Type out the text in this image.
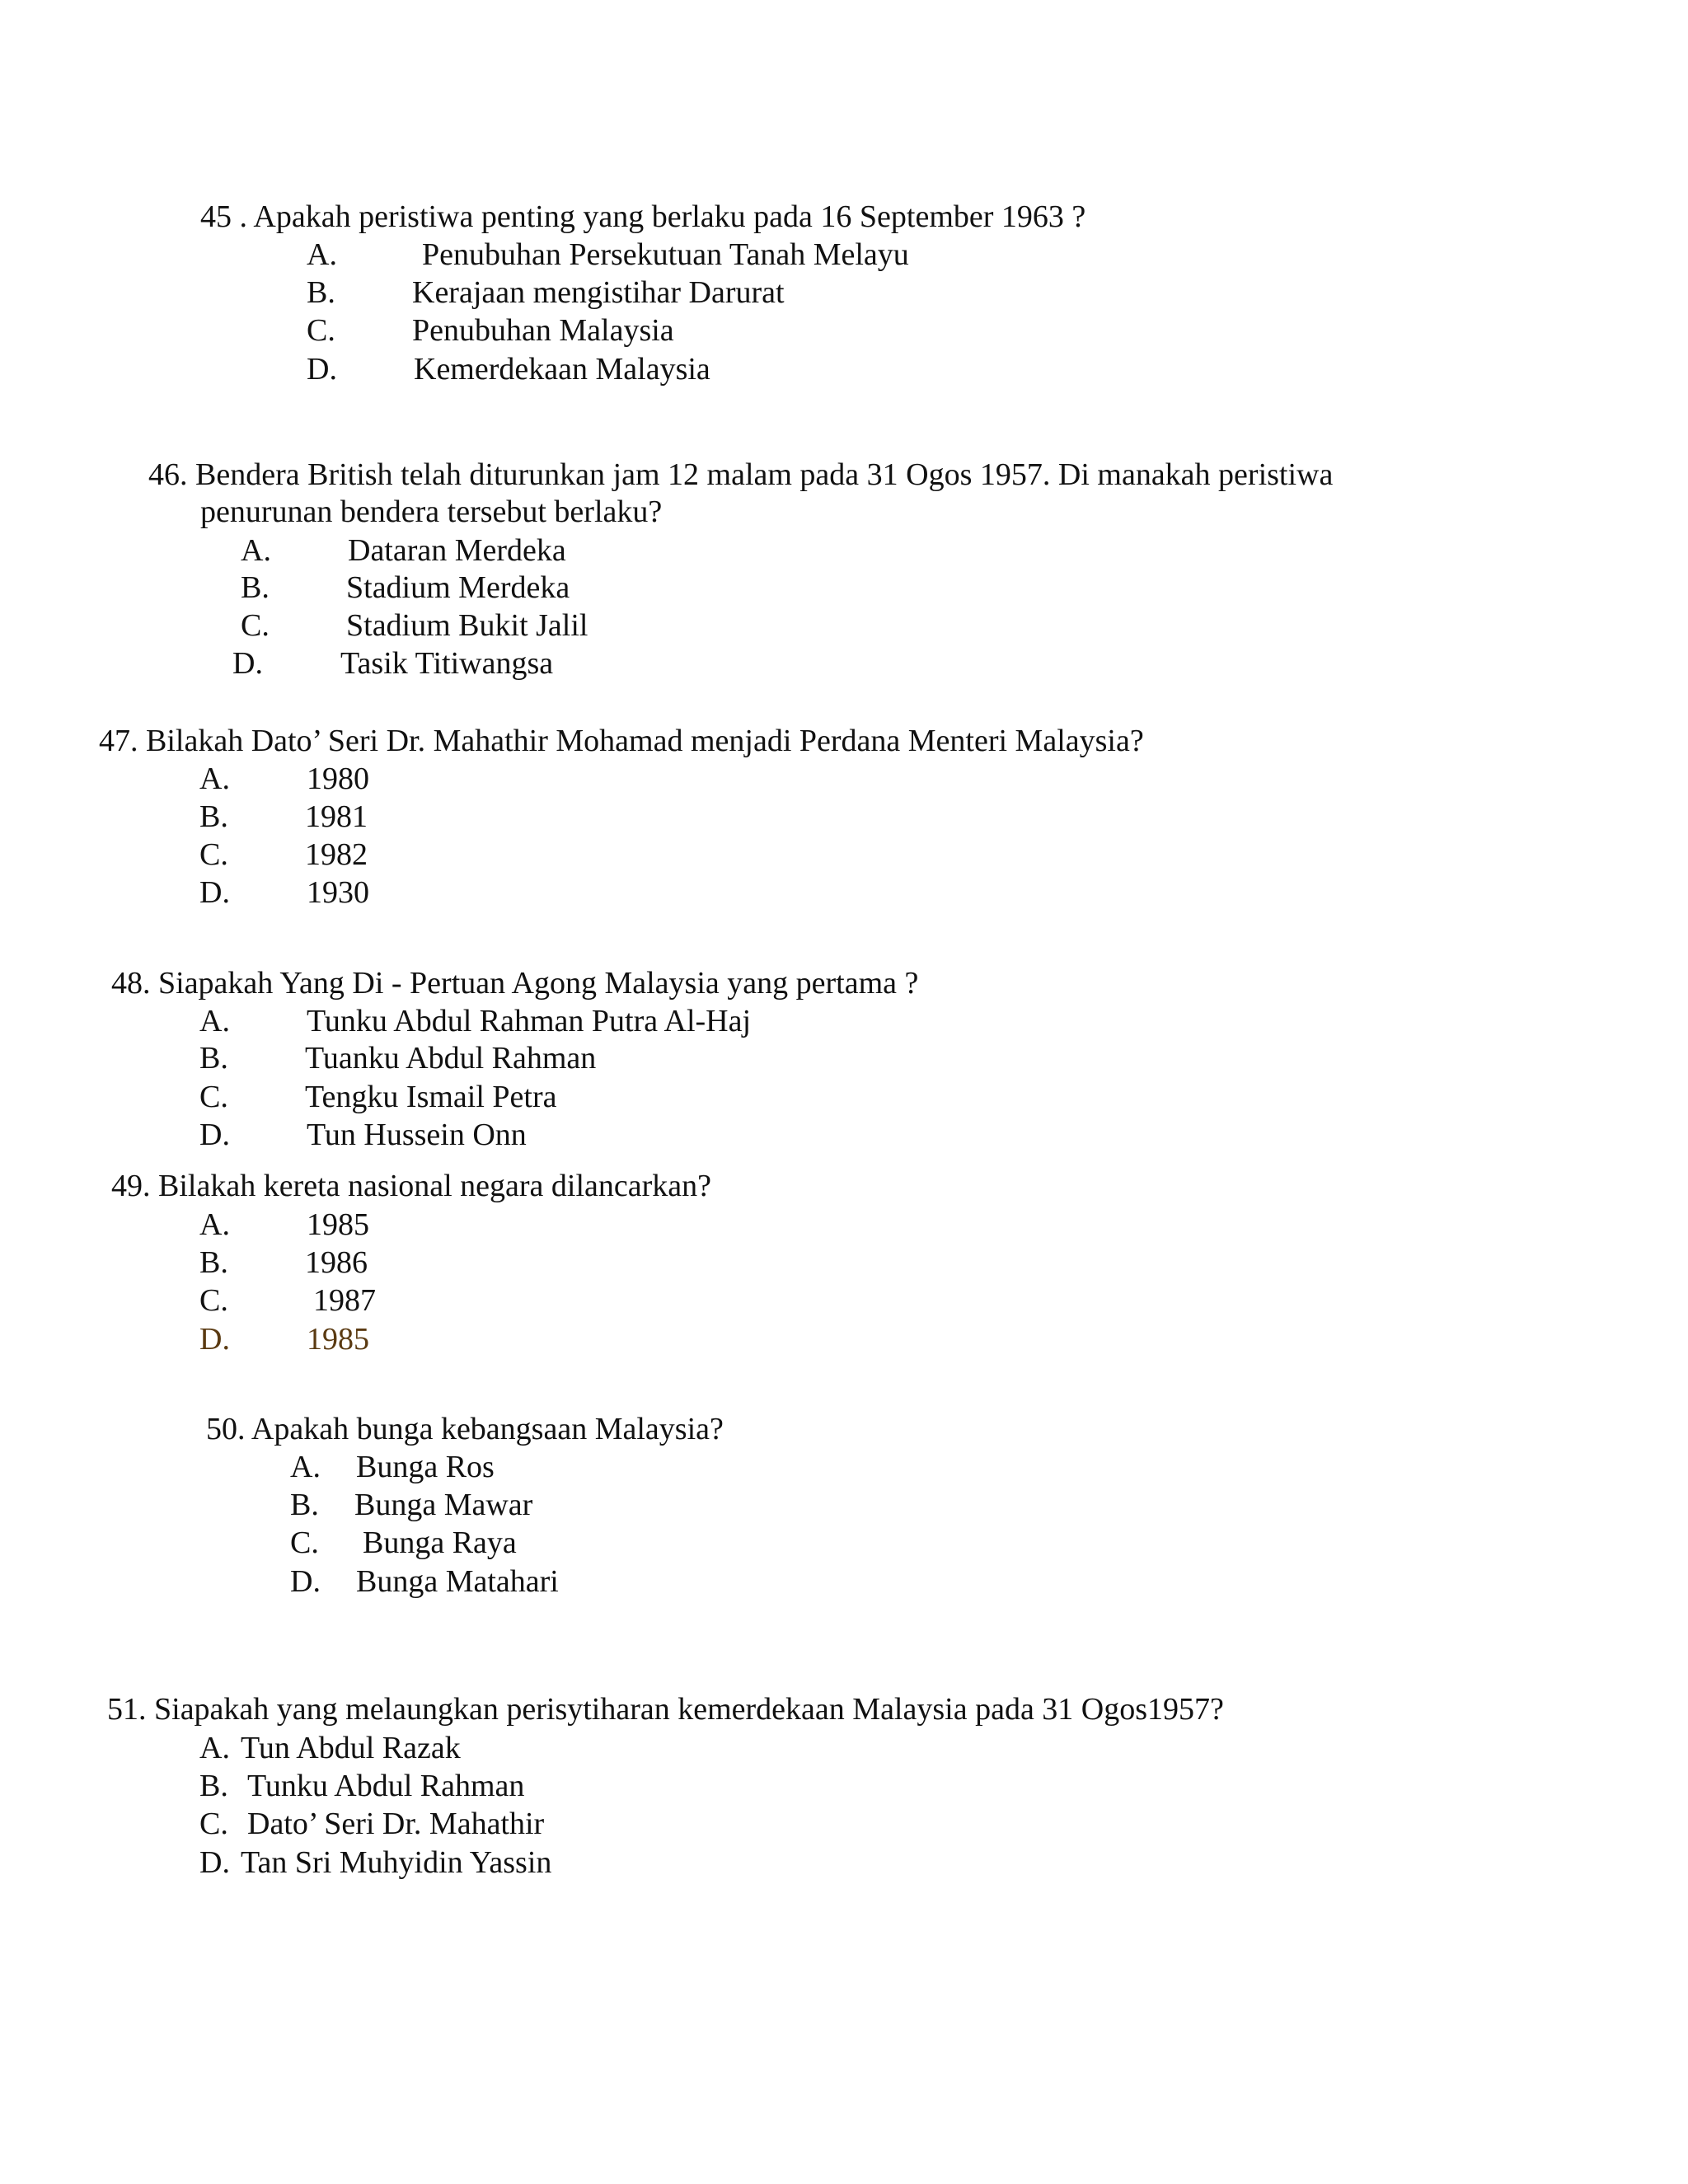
45 . Apakah peristiwa penting yang berlaku pada 16 September 1963 ?
A.	Penubuhan Persekutuan Tanah Melayu
B. Kerajaan mengistihar Darurat
C. Penubuhan Malaysia
D. Kemerdekaan Malaysia
46. Bendera British telah diturunkan jam 12 malam pada 31 Ogos 1957. Di manakah peristiwa
penurunan bendera tersebut berlaku?
A. Dataran Merdeka
B. Stadium Merdeka
C. Stadium Bukit Jalil
D. Tasik Titiwangsa
47. Bilakah Dato’ Seri Dr. Mahathir Mohamad menjadi Perdana Menteri Malaysia?
A. 1980
B. 1981
C. 1982
D. 1930
48. Siapakah Yang Di - Pertuan Agong Malaysia yang pertama ?
A. Tunku Abdul Rahman Putra Al-Haj
B. Tuanku Abdul Rahman
C. Tengku Ismail Petra
D. Tun Hussein Onn
49. Bilakah kereta nasional negara dilancarkan?
A. 1985
B. 1986
C.	1987
D. 1985
50. Apakah bunga kebangsaan Malaysia?
A. Bunga Ros
B. Bunga Mawar
C. Bunga Raya
D. Bunga Matahari
51. Siapakah yang melaungkan perisytiharan kemerdekaan Malaysia pada 31 Ogos1957?
A. Tun Abdul Razak
B. Tunku Abdul Rahman
C. Dato’ Seri Dr. Mahathir
D. Tan Sri Muhyidin Yassin
